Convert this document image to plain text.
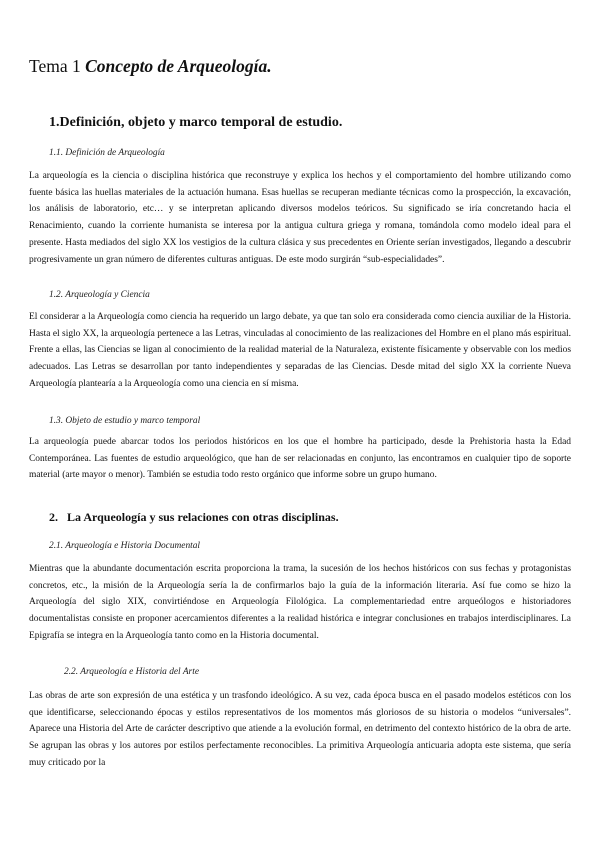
Tema 1 Concepto de Arqueología.
1.Definición, objeto y marco temporal de estudio.
1.1. Definición de Arqueología

La arqueología es la ciencia o disciplina histórica que reconstruye y explica los hechos y el comportamiento del hombre utilizando como fuente básica las huellas materiales de la actuación humana. Esas huellas se recuperan mediante técnicas como la prospección, la excavación, los análisis de laboratorio, etc… y se interpretan aplicando diversos modelos teóricos. Su significado se iría concretando hacia el Renacimiento, cuando la corriente humanista se interesa por la antigua cultura griega y romana, tomándola como modelo ideal para el presente. Hasta mediados del siglo XX los vestigios de la cultura clásica y sus precedentes en Oriente serían investigados, llegando a descubrir progresivamente un gran número de diferentes culturas antiguas. De este modo surgirán “sub-especialidades”.

1.2. Arqueología y Ciencia

El considerar a la Arqueología como ciencia ha requerido un largo debate, ya que tan solo era considerada como ciencia auxiliar de la Historia. Hasta el siglo XX, la arqueología pertenece a las Letras, vinculadas al conocimiento de las realizaciones del Hombre en el plano más espiritual. Frente a ellas, las Ciencias se ligan al conocimiento de la realidad material de la Naturaleza, existente físicamente y observable con los medios adecuados. Las Letras se desarrollan por tanto independientes y separadas de las Ciencias. Desde mitad del siglo XX la corriente Nueva Arqueología plantearía a la Arqueología como una ciencia en sí misma.

1.3. Objeto de estudio y marco temporal

La arqueología puede abarcar todos los periodos históricos en los que el hombre ha participado, desde la Prehistoria hasta la Edad Contemporánea. Las fuentes de estudio arqueológico, que han de ser relacionadas en conjunto, las encontramos en cualquier tipo de soporte material (arte mayor o menor). También se estudia todo resto orgánico que informe sobre un grupo humano.

2.   La Arqueología y sus relaciones con otras disciplinas.
2.1. Arqueología e Historia Documental

Mientras que la abundante documentación escrita proporciona la trama, la sucesión de los hechos históricos con sus fechas y protagonistas concretos, etc., la misión de la Arqueología sería la de confirmarlos bajo la guía de la información literaria. Así fue como se hizo la Arqueología del siglo XIX, convirtiéndose en Arqueología Filológica. La complementariedad entre arqueólogos e historiadores documentalistas consiste en proponer acercamientos diferentes a la realidad histórica e integrar conclusiones en trabajos interdisciplinares. La Epigrafía se integra en la Arqueología tanto como en la Historia documental.

2.2. Arqueología e Historia del Arte

Las obras de arte son expresión de una estética y un trasfondo ideológico. A su vez, cada época busca en el pasado modelos estéticos con los que identificarse, seleccionando épocas y estilos representativos de los momentos más gloriosos de su historia o modelos “universales”. Aparece una Historia del Arte de carácter descriptivo que atiende a la evolución formal, en detrimento del contexto histórico de la obra de arte. Se agrupan las obras y los autores por estilos perfectamente reconocibles. La primitiva Arqueología anticuaria adopta este sistema, que sería muy criticado por la
